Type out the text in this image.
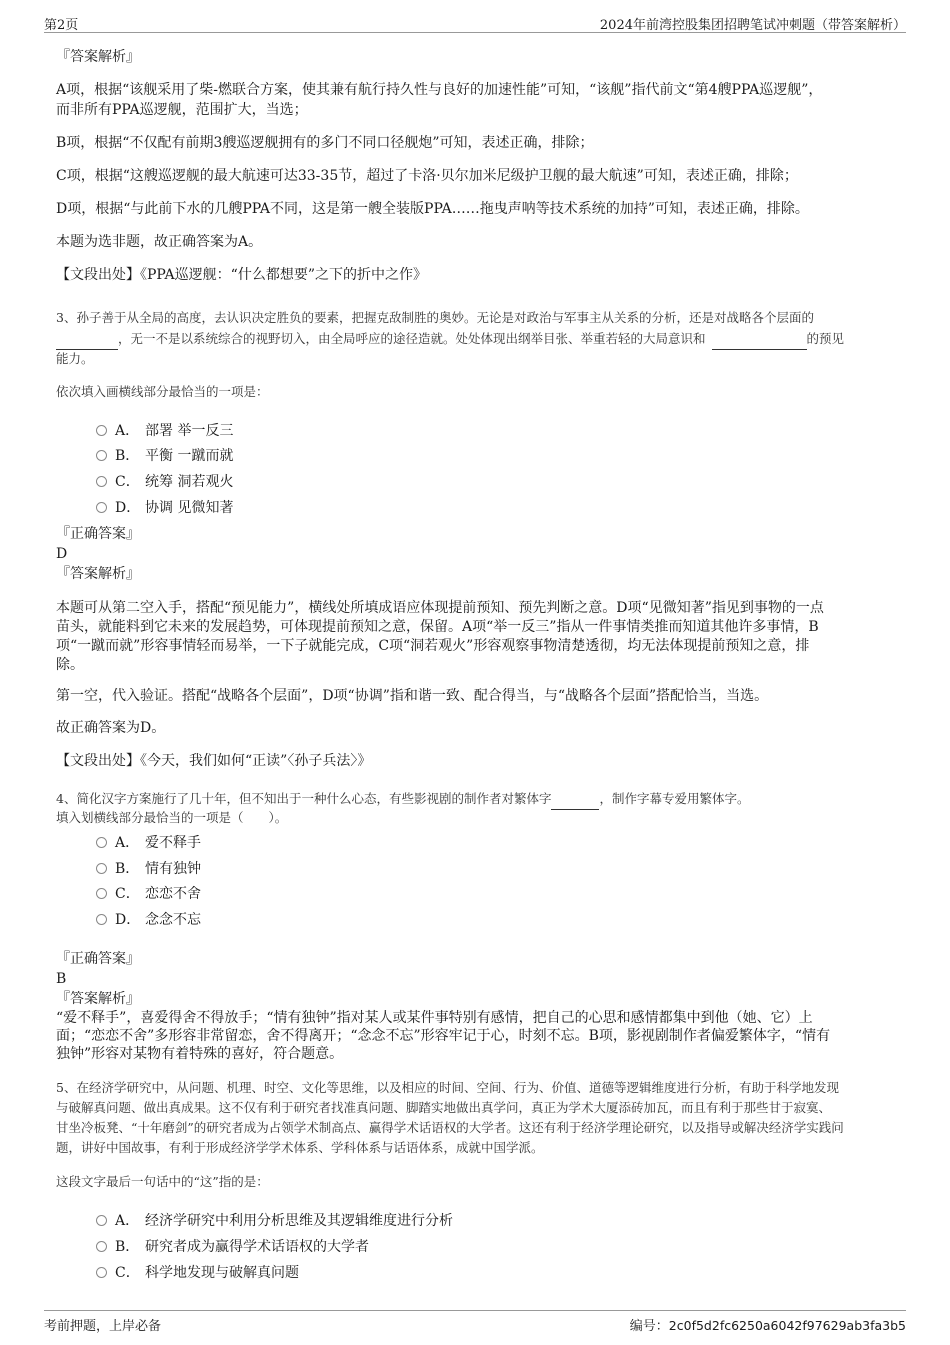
第2页	2024年前湾控股集团招聘笔试冲刺题（带答案解析）
『答案解析』
A项，根据“该舰采用了柴-燃联合方案，使其兼有航行持久性与良好的加速性能”可知，“该舰”指代前文“第4艘PPA巡逻舰”，
而非所有PPA巡逻舰，范围扩大，当选；
B项，根据“不仅配有前期3艘巡逻舰拥有的多门不同口径舰炮”可知，表述正确，排除；
C项，根据“这艘巡逻舰的最大航速可达33-35节，超过了卡洛·贝尔加米尼级护卫舰的最大航速”可知，表述正确，排除；
D项，根据“与此前下水的几艘PPA不同，这是第一艘全装版PPA……拖曳声呐等技术系统的加持”可知，表述正确，排除。
本题为选非题，故正确答案为A。
【文段出处】《PPA巡逻舰：“什么都想要”之下的折中之作》
3、孙子善于从全局的高度，去认识决定胜负的要素，把握克敌制胜的奥妙。无论是对政治与军事主从关系的分析，还是对战略各个层面的
，无一不是以系统综合的视野切入，由全局呼应的途径造就。处处体现出纲举目张、举重若轻的大局意识和	的预见
能力。
依次填入画横线部分最恰当的一项是：
A． 部署 举一反三
B． 平衡 一蹴而就
C． 统筹 洞若观火
D． 协调 见微知著
『正确答案』
D
『答案解析』
本题可从第二空入手，搭配“预见能力”，横线处所填成语应体现提前预知、预先判断之意。D项“见微知著”指见到事物的一点
苗头，就能料到它未来的发展趋势，可体现提前预知之意，保留。A项“举一反三”指从一件事情类推而知道其他许多事情，B
项“一蹴而就”形容事情轻而易举，一下子就能完成，C项“洞若观火”形容观察事物清楚透彻，均无法体现提前预知之意，排
除。
第一空，代入验证。搭配“战略各个层面”，D项“协调”指和谐一致、配合得当，与“战略各个层面”搭配恰当，当选。
故正确答案为D。
【文段出处】《今天，我们如何“正读”〈孙子兵法〉》
4、简化汉字方案施行了几十年，但不知出于一种什么心态，有些影视剧的制作者对繁体字	，制作字幕专爱用繁体字。
填入划横线部分最恰当的一项是（　　）。
A． 爱不释手
B． 情有独钟
C． 恋恋不舍
D． 念念不忘
『正确答案』
B
『答案解析』
“爱不释手”，喜爱得舍不得放手；“情有独钟”指对某人或某件事特别有感情，把自己的心思和感情都集中到他（她、它）上
面；“恋恋不舍”多形容非常留恋，舍不得离开；“念念不忘”形容牢记于心，时刻不忘。B项，影视剧制作者偏爱繁体字，“情有
独钟”形容对某物有着特殊的喜好，符合题意。
5、在经济学研究中，从问题、机理、时空、文化等思维，以及相应的时间、空间、行为、价值、道德等逻辑维度进行分析，有助于科学地发现
与破解真问题、做出真成果。这不仅有利于研究者找准真问题、脚踏实地做出真学问，真正为学术大厦添砖加瓦，而且有利于那些甘于寂寞、
甘坐冷板凳、“十年磨剑”的研究者成为占领学术制高点、赢得学术话语权的大学者。这还有利于经济学理论研究，以及指导或解决经济学实践问
题，讲好中国故事，有利于形成经济学学术体系、学科体系与话语体系，成就中国学派。
这段文字最后一句话中的“这”指的是：
A． 经济学研究中利用分析思维及其逻辑维度进行分析
B． 研究者成为赢得学术话语权的大学者
C． 科学地发现与破解真问题
考前押题，上岸必备	编号：2c0f5d2fc6250a6042f97629ab3fa3b5
